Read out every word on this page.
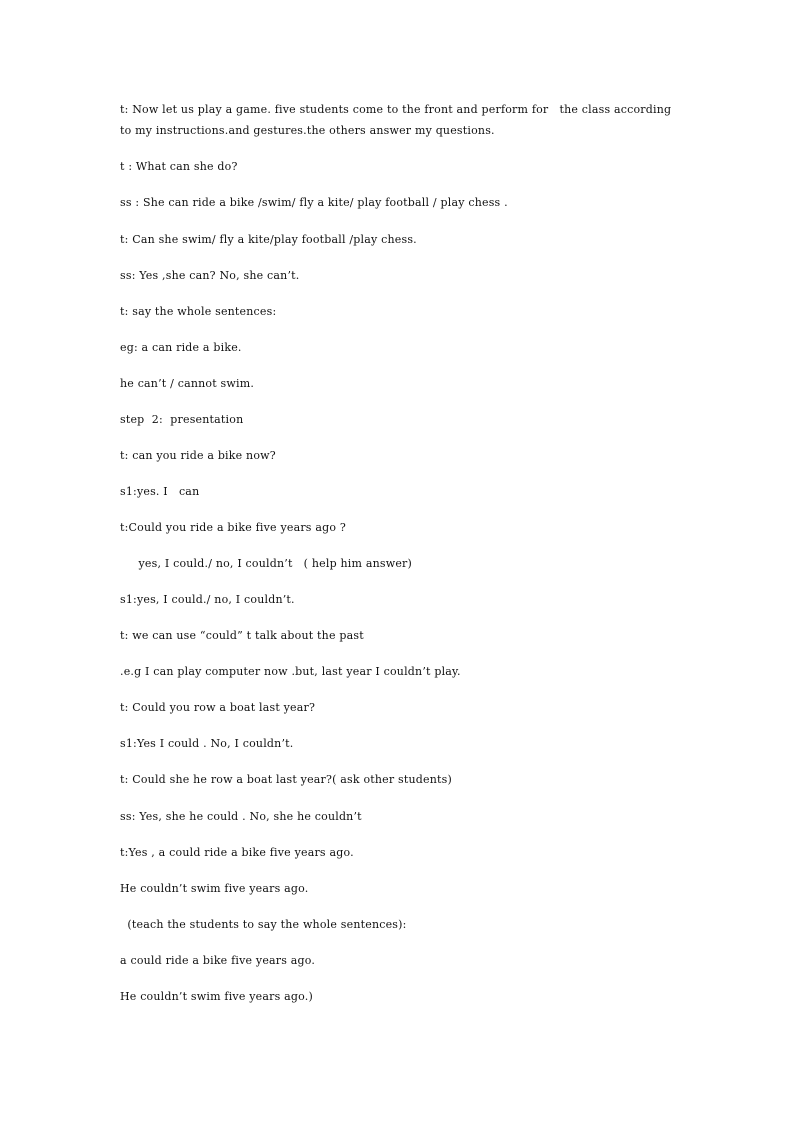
t: Now let us play a game. five students come to the front and perform for   the class according
to my instructions.and gestures.the others answer my questions.
t : What can she do?
ss : She can ride a bike /swim/ fly a kite/ play football / play chess .
t: Can she swim/ fly a kite/play football /play chess.
ss: Yes ,she can? No, she can’t.
t: say the whole sentences:
eg: a can ride a bike.
he can’t / cannot swim.
step  2:  presentation
t: can you ride a bike now?
s1:yes. I   can
t:Could you ride a bike five years ago ?
yes, I could./ no, I couldn’t   ( help him answer)
s1:yes, I could./ no, I couldn’t.
t: we can use “could” t talk about the past
.e.g I can play computer now .but, last year I couldn’t play.
t: Could you row a boat last year?
s1:Yes I could . No, I couldn’t.
t: Could she he row a boat last year?( ask other students)
ss: Yes, she he could . No, she he couldn’t
t:Yes , a could ride a bike five years ago.
He couldn’t swim five years ago.
(teach the students to say the whole sentences):
a could ride a bike five years ago.
He couldn’t swim five years ago.)
